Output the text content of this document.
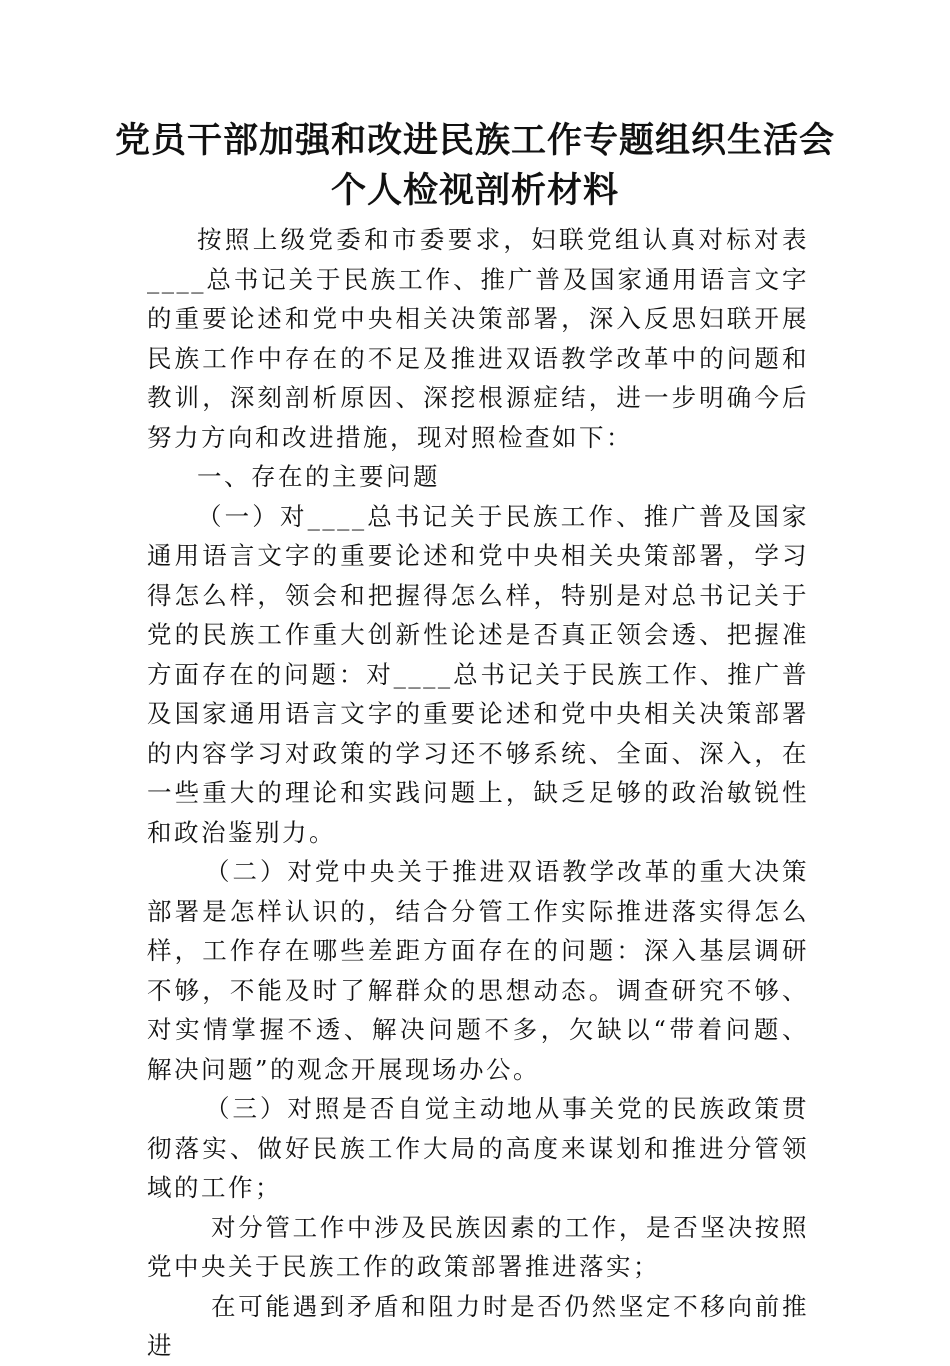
党员干部加强和改进民族工作专题组织生活会个人检视剖析材料

按照上级党委和市委要求，妇联党组认真对标对表____总书记关于民族工作、推广普及国家通用语言文字的重要论述和党中央相关决策部署，深入反思妇联开展民族工作中存在的不足及推进双语教学改革中的问题和教训，深刻剖析原因、深挖根源症结，进一步明确今后努力方向和改进措施，现对照检查如下：

一、存在的主要问题

（一）对____总书记关于民族工作、推广普及国家通用语言文字的重要论述和党中央相关央策部署，学习得怎么样，领会和把握得怎么样，特别是对总书记关于党的民族工作重大创新性论述是否真正领会透、把握准方面存在的问题：对____总书记关于民族工作、推广普及国家通用语言文字的重要论述和党中央相关决策部署的内容学习对政策的学习还不够系统、全面、深入，在一些重大的理论和实践问题上，缺乏足够的政治敏锐性和政治鉴别力。

（二）对党中央关于推进双语教学改革的重大决策部署是怎样认识的，结合分管工作实际推进落实得怎么样，工作存在哪些差距方面存在的问题：深入基层调研不够，不能及时了解群众的思想动态。调查研究不够、对实情掌握不透、解决问题不多，欠缺以“带着问题、解决问题”的观念开展现场办公。

（三）对照是否自觉主动地从事关党的民族政策贯彻落实、做好民族工作大局的高度来谋划和推进分管领域的工作；

对分管工作中涉及民族因素的工作，是否坚决按照党中央关于民族工作的政策部署推进落实；

在可能遇到矛盾和阻力时是否仍然坚定不移向前推进
